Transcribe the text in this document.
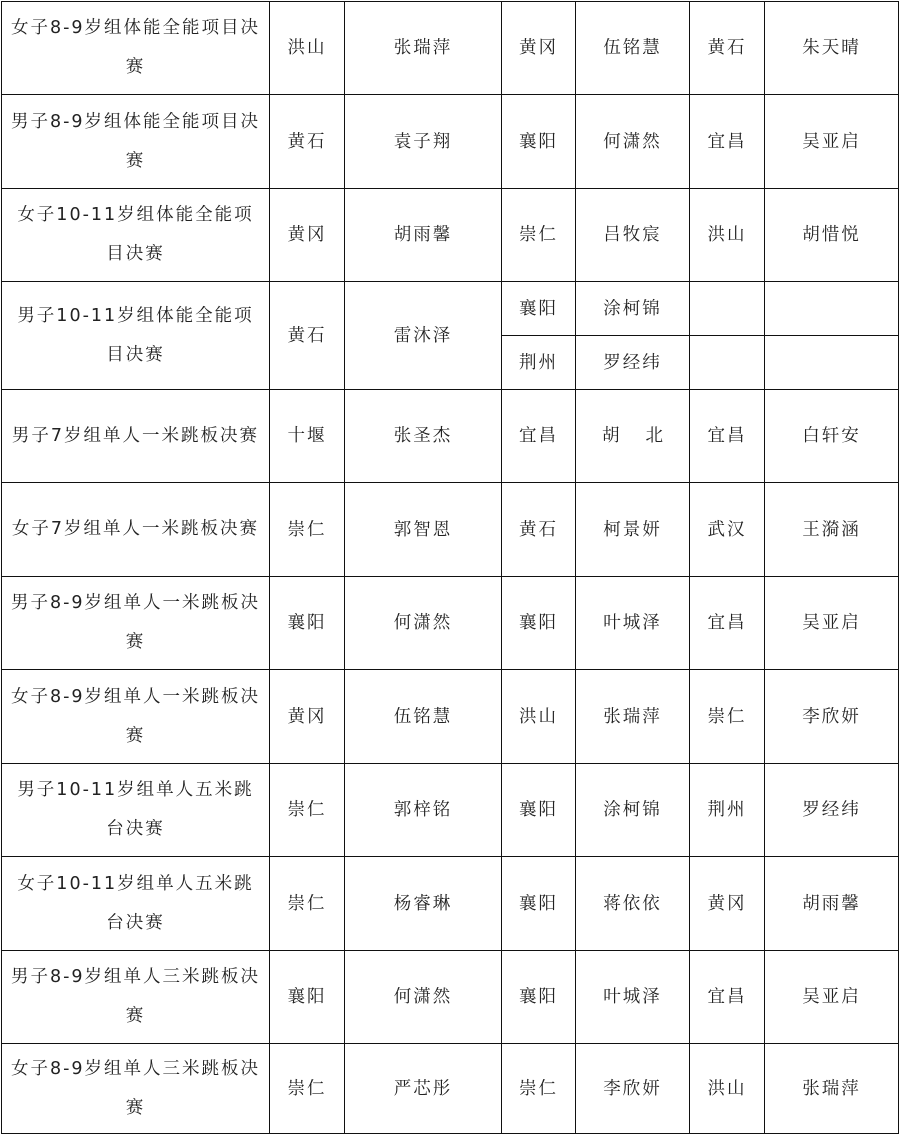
女子8-9岁组体能全能项目决赛	洪山	张瑞萍	黄冈	伍铭慧	黄石	朱天晴
男子8-9岁组体能全能项目决赛	黄石	袁子翔	襄阳	何潇然	宜昌	吴亚启
女子10-11岁组体能全能项目决赛	黄冈	胡雨馨	崇仁	吕牧宸	洪山	胡惜悦
男子10-11岁组体能全能项目决赛	黄石	雷沐泽	襄阳	涂柯锦		
			荆州	罗经纬		
男子7岁组单人一米跳板决赛	十堰	张圣杰	宜昌	胡北	宜昌	白轩安
女子7岁组单人一米跳板决赛	崇仁	郭智恩	黄石	柯景妍	武汉	王漪涵
男子8-9岁组单人一米跳板决赛	襄阳	何潇然	襄阳	叶城泽	宜昌	吴亚启
女子8-9岁组单人一米跳板决赛	黄冈	伍铭慧	洪山	张瑞萍	崇仁	李欣妍
男子10-11岁组单人五米跳台决赛	崇仁	郭梓铭	襄阳	涂柯锦	荆州	罗经纬
女子10-11岁组单人五米跳台决赛	崇仁	杨睿琳	襄阳	蒋依依	黄冈	胡雨馨
男子8-9岁组单人三米跳板决赛	襄阳	何潇然	襄阳	叶城泽	宜昌	吴亚启
女子8-9岁组单人三米跳板决赛	崇仁	严芯彤	崇仁	李欣妍	洪山	张瑞萍
